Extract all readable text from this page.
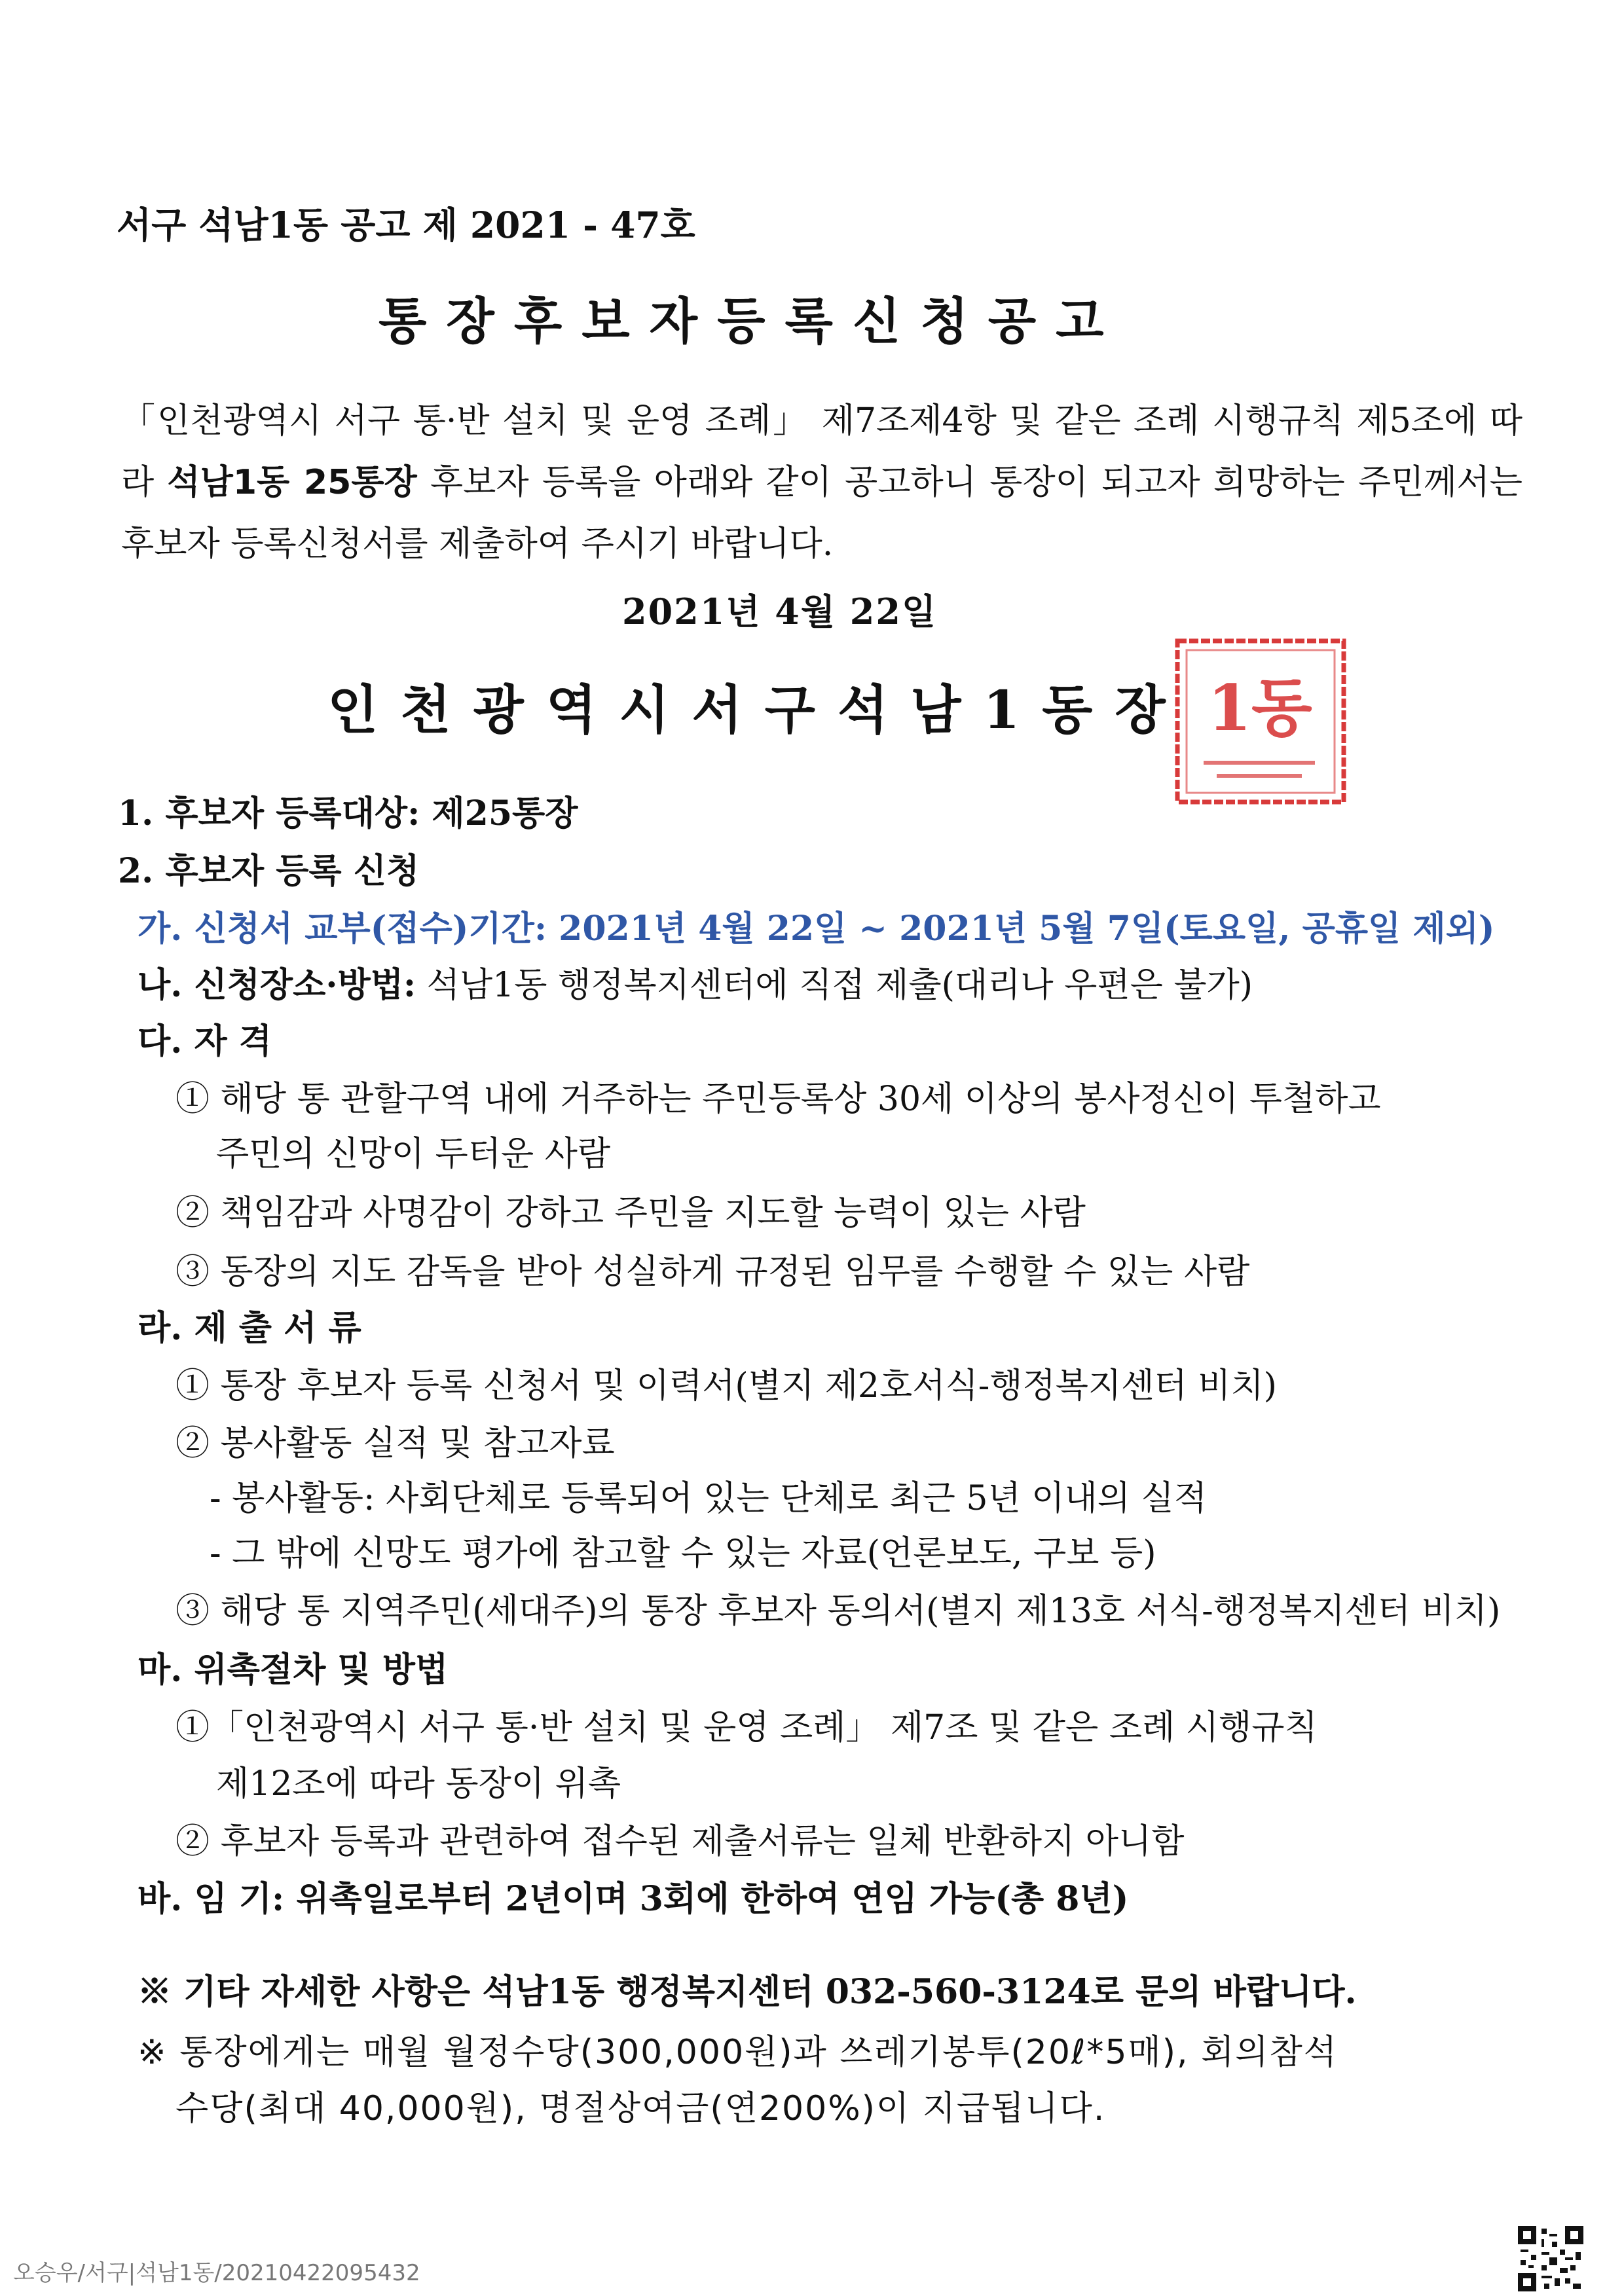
서구 석남1동 공고 제 2021 - 47호
통장후보자등록신청공고
「인천광역시 서구 통·반 설치 및 운영 조례」 제7조제4항 및 같은 조례 시행규칙 제5조에 따라 석남1동 25통장 후보자 등록을 아래와 같이 공고하니 통장이 되고자 희망하는 주민께서는 후보자 등록신청서를 제출하여 주시기 바랍니다.
2021년 4월 22일
인천광역시서구석남1동장 1동
1. 후보자 등록대상: 제25통장
2. 후보자 등록 신청
가. 신청서 교부(접수)기간: 2021년 4월 22일 ~ 2021년 5월 7일(토요일, 공휴일 제외)
나. 신청장소·방법: 석남1동 행정복지센터에 직접 제출(대리나 우편은 불가)
다. 자 격
① 해당 통 관할구역 내에 거주하는 주민등록상 30세 이상의 봉사정신이 투철하고
주민의 신망이 두터운 사람
② 책임감과 사명감이 강하고 주민을 지도할 능력이 있는 사람
③ 동장의 지도 감독을 받아 성실하게 규정된 임무를 수행할 수 있는 사람
라. 제 출 서 류
① 통장 후보자 등록 신청서 및 이력서(별지 제2호서식-행정복지센터 비치)
② 봉사활동 실적 및 참고자료
- 봉사활동: 사회단체로 등록되어 있는 단체로 최근 5년 이내의 실적
- 그 밖에 신망도 평가에 참고할 수 있는 자료(언론보도, 구보 등)
③ 해당 통 지역주민(세대주)의 통장 후보자 동의서(별지 제13호 서식-행정복지센터 비치)
마. 위촉절차 및 방법
①「인천광역시 서구 통·반 설치 및 운영 조례」 제7조 및 같은 조례 시행규칙
제12조에 따라 동장이 위촉
② 후보자 등록과 관련하여 접수된 제출서류는 일체 반환하지 아니함
바. 임 기: 위촉일로부터 2년이며 3회에 한하여 연임 가능(총 8년)
※ 기타 자세한 사항은 석남1동 행정복지센터 032-560-3124로 문의 바랍니다.
※ 통장에게는 매월 월정수당(300,000원)과 쓰레기봉투(20ℓ*5매), 회의참석
수당(최대 40,000원), 명절상여금(연200%)이 지급됩니다.
오승우/서구|석남1동/20210422095432
